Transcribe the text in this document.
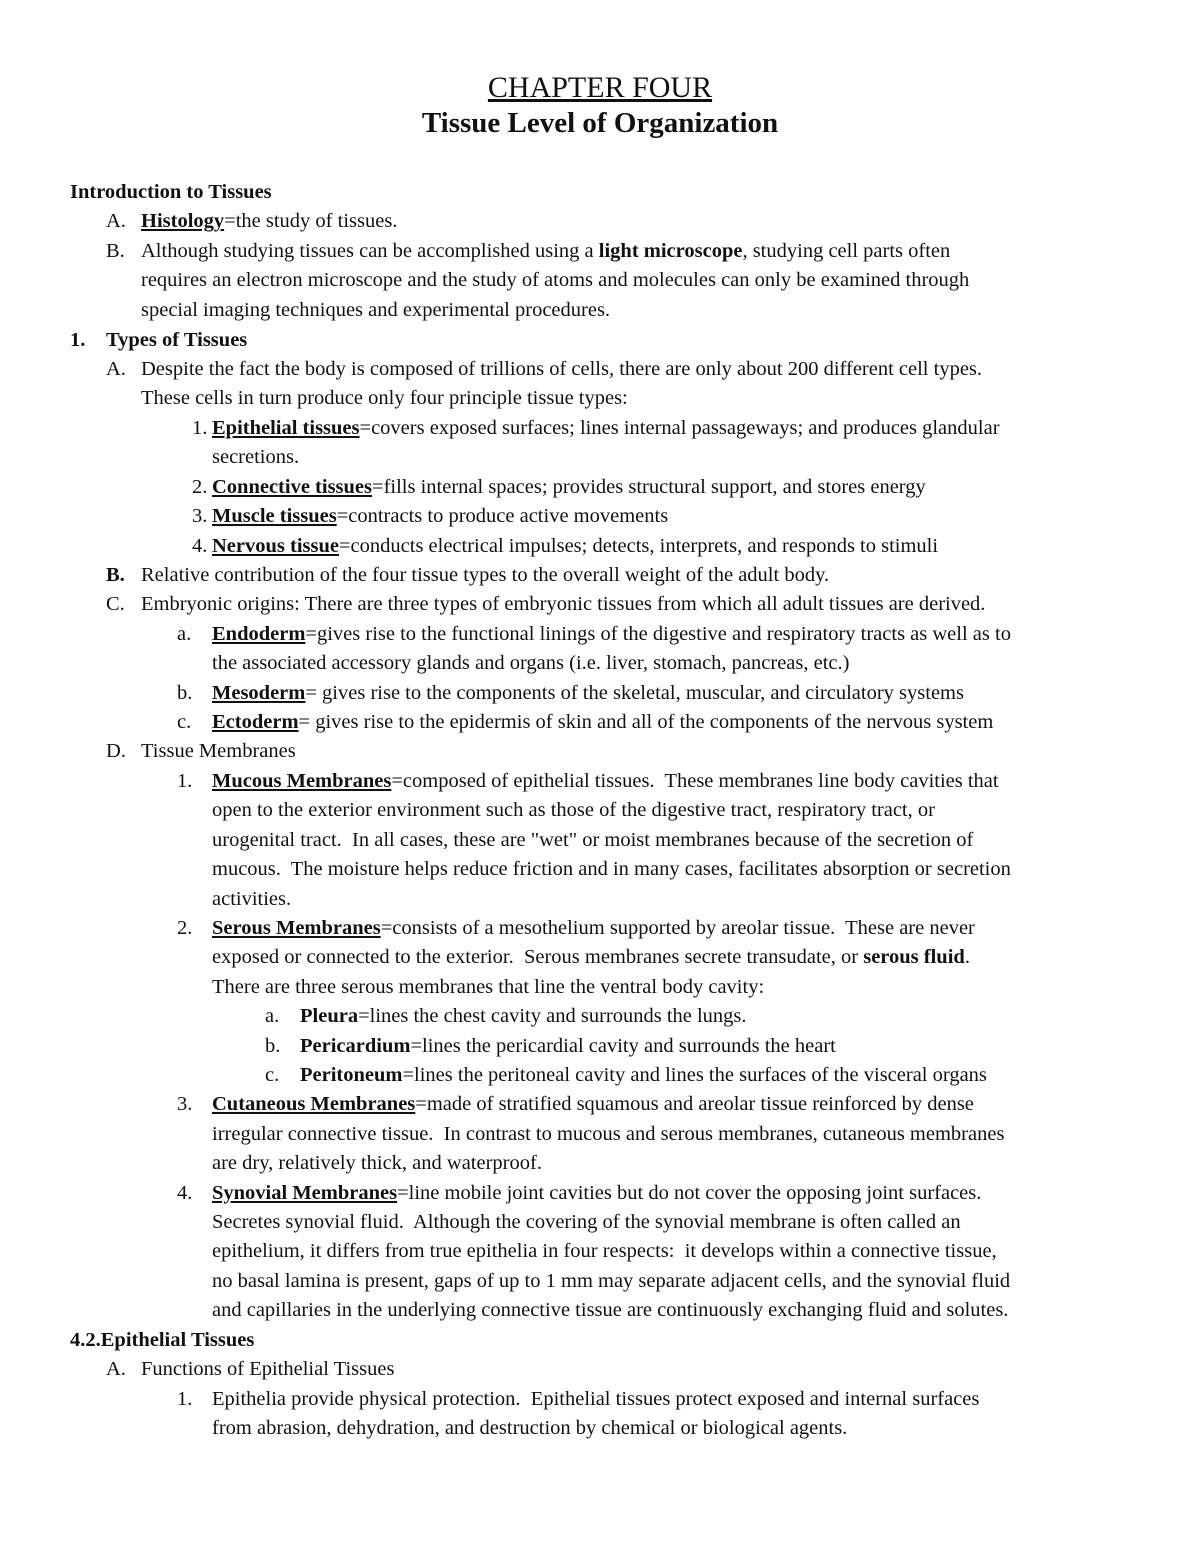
CHAPTER FOUR
Tissue Level of Organization

Introduction to Tissues

A. Histology=the study of tissues.

B. Although studying tissues can be accomplished using a light microscope, studying cell parts often

requires an electron microscope and the study of atoms and molecules can only be examined through

special imaging techniques and experimental procedures.

1. Types of Tissues

A. Despite the fact the body is composed of trillions of cells, there are only about 200 different cell types.

These cells in turn produce only four principle tissue types:

1. Epithelial tissues=covers exposed surfaces; lines internal passageways; and produces glandular

secretions.

2. Connective tissues=fills internal spaces; provides structural support, and stores energy

3. Muscle tissues=contracts to produce active movements

4. Nervous tissue=conducts electrical impulses; detects, interprets, and responds to stimuli

B. Relative contribution of the four tissue types to the overall weight of the adult body.

C. Embryonic origins: There are three types of embryonic tissues from which all adult tissues are derived.

a. Endoderm=gives rise to the functional linings of the digestive and respiratory tracts as well as to

the associated accessory glands and organs (i.e. liver, stomach, pancreas, etc.)

b. Mesoderm= gives rise to the components of the skeletal, muscular, and circulatory systems

c. Ectoderm= gives rise to the epidermis of skin and all of the components of the nervous system

D. Tissue Membranes

1. Mucous Membranes=composed of epithelial tissues.  These membranes line body cavities that

open to the exterior environment such as those of the digestive tract, respiratory tract, or

urogenital tract.  In all cases, these are "wet" or moist membranes because of the secretion of

mucous.  The moisture helps reduce friction and in many cases, facilitates absorption or secretion

activities.

2. Serous Membranes=consists of a mesothelium supported by areolar tissue.  These are never

exposed or connected to the exterior.  Serous membranes secrete transudate, or serous fluid.

There are three serous membranes that line the ventral body cavity:

a. Pleura=lines the chest cavity and surrounds the lungs.

b. Pericardium=lines the pericardial cavity and surrounds the heart

c. Peritoneum=lines the peritoneal cavity and lines the surfaces of the visceral organs

3. Cutaneous Membranes=made of stratified squamous and areolar tissue reinforced by dense

irregular connective tissue.  In contrast to mucous and serous membranes, cutaneous membranes

are dry, relatively thick, and waterproof.

4. Synovial Membranes=line mobile joint cavities but do not cover the opposing joint surfaces.

Secretes synovial fluid.  Although the covering of the synovial membrane is often called an

epithelium, it differs from true epithelia in four respects:  it develops within a connective tissue,

no basal lamina is present, gaps of up to 1 mm may separate adjacent cells, and the synovial fluid

and capillaries in the underlying connective tissue are continuously exchanging fluid and solutes.

4.2.Epithelial Tissues

A. Functions of Epithelial Tissues

1. Epithelia provide physical protection.  Epithelial tissues protect exposed and internal surfaces

from abrasion, dehydration, and destruction by chemical or biological agents.
